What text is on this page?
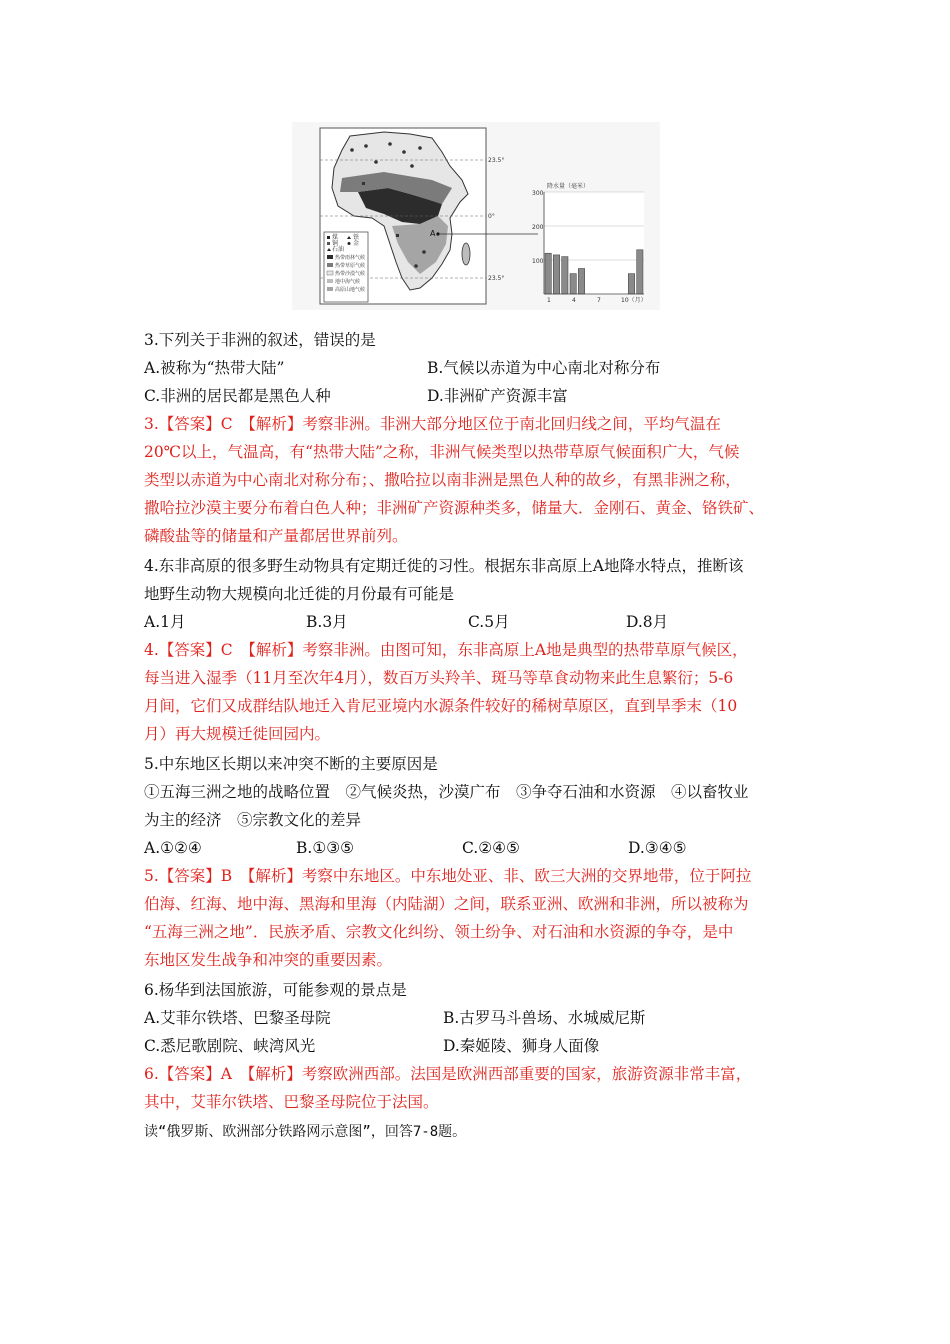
23.5°
0°
23.5°
A
煤 铁
铜 金
石油
热带雨林气候
热带草原气候
热带沙漠气候
地中海气候
高原山地气候
降水量（毫米）
300
200
100
1	4	7	10（月）
3.下列关于非洲的叙述，错误的是
A.被称为“热带大陆”	B.气候以赤道为中心南北对称分布
C.非洲的居民都是黑色人种	D.非洲矿产资源丰富
3.【答案】C　【解析】考察非洲。非洲大部分地区位于南北回归线之间，平均气温在
20℃以上，气温高，有“热带大陆”之称，非洲气候类型以热带草原气候面积广大，气候
类型以赤道为中心南北对称分布；、撒哈拉以南非洲是黑色人种的故乡，有黑非洲之称，
撒哈拉沙漠主要分布着白色人种；非洲矿产资源种类多，储量大．金刚石、黄金、铬铁矿、
磷酸盐等的储量和产量都居世界前列。
4.东非高原的很多野生动物具有定期迁徙的习性。根据东非高原上A地降水特点，推断该
地野生动物大规模向北迁徙的月份最有可能是
A.1月	B.3月	C.5月	D.8月
4.【答案】C　【解析】考察非洲。由图可知，东非高原上A地是典型的热带草原气候区，
每当进入湿季（11月至次年4月），数百万头羚羊、斑马等草食动物来此生息繁衍；5-6
月间，它们又成群结队地迁入肯尼亚境内水源条件较好的稀树草原区，直到旱季末（10
月）再大规模迁徙回园内。
5.中东地区长期以来冲突不断的主要原因是
①五海三洲之地的战略位置　②气候炎热，沙漠广布　③争夺石油和水资源　④以畜牧业
为主的经济　⑤宗教文化的差异
A.①②④	B.①③⑤	C.②④⑤	D.③④⑤
5.【答案】B　【解析】考察中东地区。中东地处亚、非、欧三大洲的交界地带，位于阿拉
伯海、红海、地中海、黑海和里海（内陆湖）之间，联系亚洲、欧洲和非洲，所以被称为
“五海三洲之地”．民族矛盾、宗教文化纠纷、领土纷争、对石油和水资源的争夺，是中
东地区发生战争和冲突的重要因素。
6.杨华到法国旅游，可能参观的景点是
A.艾菲尔铁塔、巴黎圣母院	B.古罗马斗兽场、水城威尼斯
C.悉尼歌剧院、峡湾风光	D.秦姬陵、狮身人面像
6.【答案】A　【解析】考察欧洲西部。法国是欧洲西部重要的国家，旅游资源非常丰富，
其中，艾菲尔铁塔、巴黎圣母院位于法国。
读“俄罗斯、欧洲部分铁路网示意图”，回答7-8题。
